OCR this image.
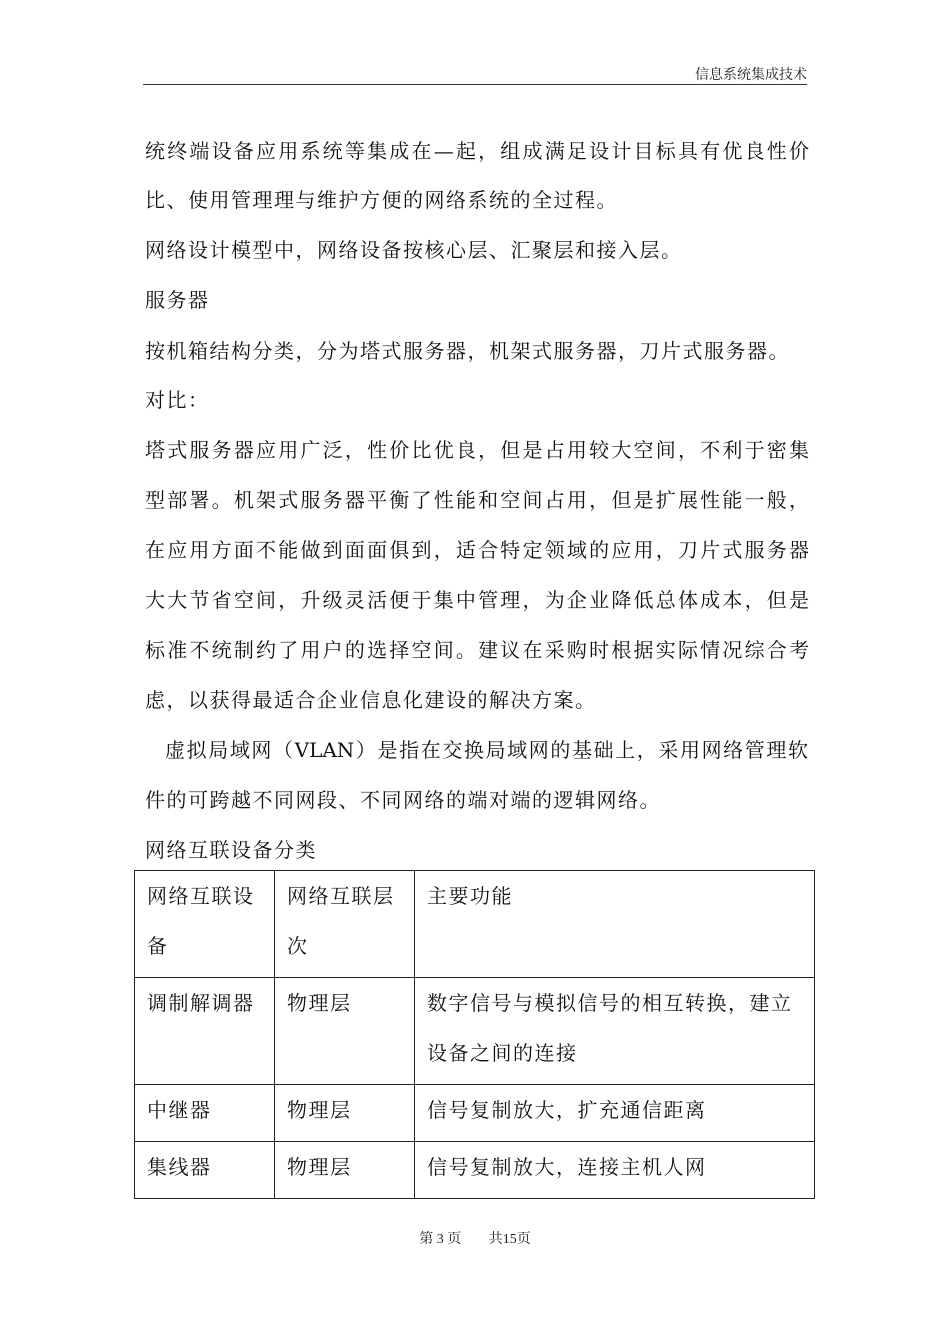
信息系统集成技术
统终端设备应用系统等集成在—起，组成满足设计目标具有优良性价
比、使用管理理与维护方便的网络系统的全过程。
网络设计模型中，网络设备按核心层、汇聚层和接入层。
服务器
按机箱结构分类，分为塔式服务器，机架式服务器，刀片式服务器。
对比：
塔式服务器应用广泛，性价比优良，但是占用较大空间，不利于密集
型部署。机架式服务器平衡了性能和空间占用，但是扩展性能一般，
在应用方面不能做到面面俱到，适合特定领域的应用，刀片式服务器
大大节省空间，升级灵活便于集中管理，为企业降低总体成本，但是
标准不统制约了用户的选择空间。建议在采购时根据实际情况综合考
虑，以获得最适合企业信息化建设的解决方案。
虚拟局域网（VLAN）是指在交换局域网的基础上，采用网络管理软
件的可跨越不同网段、不同网络的端对端的逻辑网络。
网络互联设备分类
网络互联设备	网络互联层次	主要功能

调制解调器	物理层	数字信号与模拟信号的相互转换，建立设备之间的连接

中继器	物理层	信号复制放大，扩充通信距离

集线器	物理层	信号复制放大，连接主机人网
第 3 页 共15页
